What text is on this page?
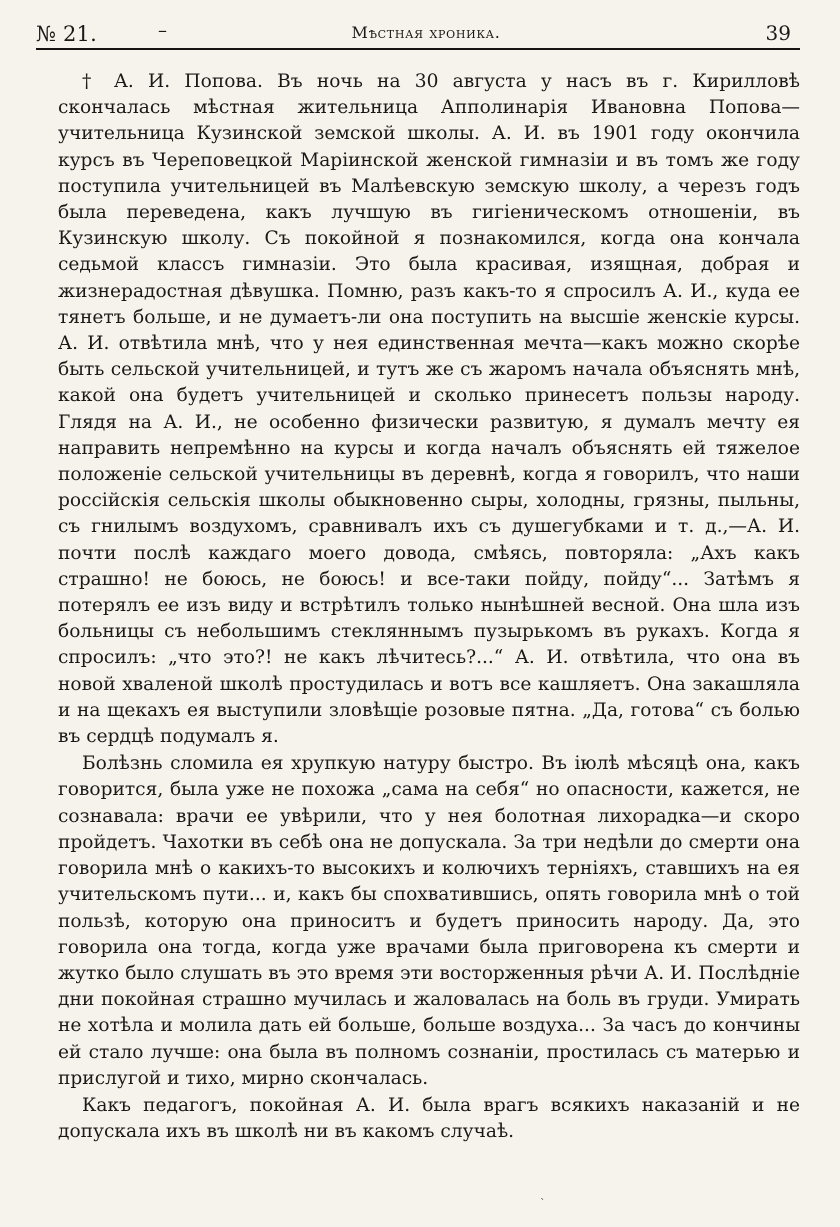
№ 21.	–	Мѣстная хроника.	39

† А. И. Попова. Въ ночь на 30 августа у насъ въ г. Кирилловѣ скончалась мѣстная жительница Апполинарія Ивановна Попова—учительница Кузинской земской школы. А. И. въ 1901 году окончила курсъ въ Череповецкой Маріинской женской гимназіи и въ томъ же году поступила учительницей въ Малѣевскую земскую школу, а черезъ годъ была переведена, какъ лучшую въ гигіеническомъ отношеніи, въ Кузинскую школу. Съ покойной я познакомился, когда она кончала седьмой классъ гимназіи. Это была красивая, изящная, добрая и жизнерадостная дѣвушка. Помню, разъ какъ-то я спросилъ А. И., куда ее тянетъ больше, и не думаетъ-ли она поступить на высшіе женскіе курсы. А. И. отвѣтила мнѣ, что у нея единственная мечта—какъ можно скорѣе быть сельской учительницей, и тутъ же съ жаромъ начала объяснять мнѣ, какой она будетъ учительницей и сколько принесетъ пользы народу. Глядя на А. И., не особенно физически развитую, я думалъ мечту ея направить непремѣнно на курсы и когда началъ объяснять ей тяжелое положеніе сельской учительницы въ деревнѣ, когда я говорилъ, что наши россійскія сельскія школы обыкновенно сыры, холодны, грязны, пыльны, съ гнилымъ воздухомъ, сравнивалъ ихъ съ душегубками и т. д.,—А. И. почти послѣ каждаго моего довода, смѣясь, повторяла: „Ахъ какъ страшно! не боюсь, не боюсь! и все-таки пойду, пойду“... Затѣмъ я потерялъ ее изъ виду и встрѣтилъ только нынѣшней весной. Она шла изъ больницы съ небольшимъ стекляннымъ пузырькомъ въ рукахъ. Когда я спросилъ: „что это?! не какъ лѣчитесь?...“ А. И. отвѣтила, что она въ новой хваленой школѣ простудилась и вотъ все кашляетъ. Она закашляла и на щекахъ ея выступили зловѣщіе розовые пятна. „Да, готова“ съ болью въ сердцѣ подумалъ я.

Болѣзнь сломила ея хрупкую натуру быстро. Въ іюлѣ мѣсяцѣ она, какъ говорится, была уже не похожа „сама на себя“ но опасности, кажется, не сознавала: врачи ее увѣрили, что у нея болотная лихорадка—и скоро пройдетъ. Чахотки въ себѣ она не допускала. За три недѣли до смерти она говорила мнѣ о какихъ-то высокихъ и колючихъ терніяхъ, ставшихъ на ея учительскомъ пути... и, какъ бы спохватившись, опять говорила мнѣ о той пользѣ, которую она приноситъ и будетъ приносить народу. Да, это говорила она тогда, когда уже врачами была приговорена къ смерти и жутко было слушать въ это время эти восторженныя рѣчи А. И. Послѣдніе дни покойная страшно мучилась и жаловалась на боль въ груди. Умирать не хотѣла и молила дать ей больше, больше воздуха... За часъ до кончины ей стало лучше: она была въ полномъ сознаніи, простилась съ матерью и прислугой и тихо, мирно скончалась.

Какъ педагогъ, покойная А. И. была врагъ всякихъ наказаній и не допускала ихъ въ школѣ ни въ какомъ случаѣ.

`
